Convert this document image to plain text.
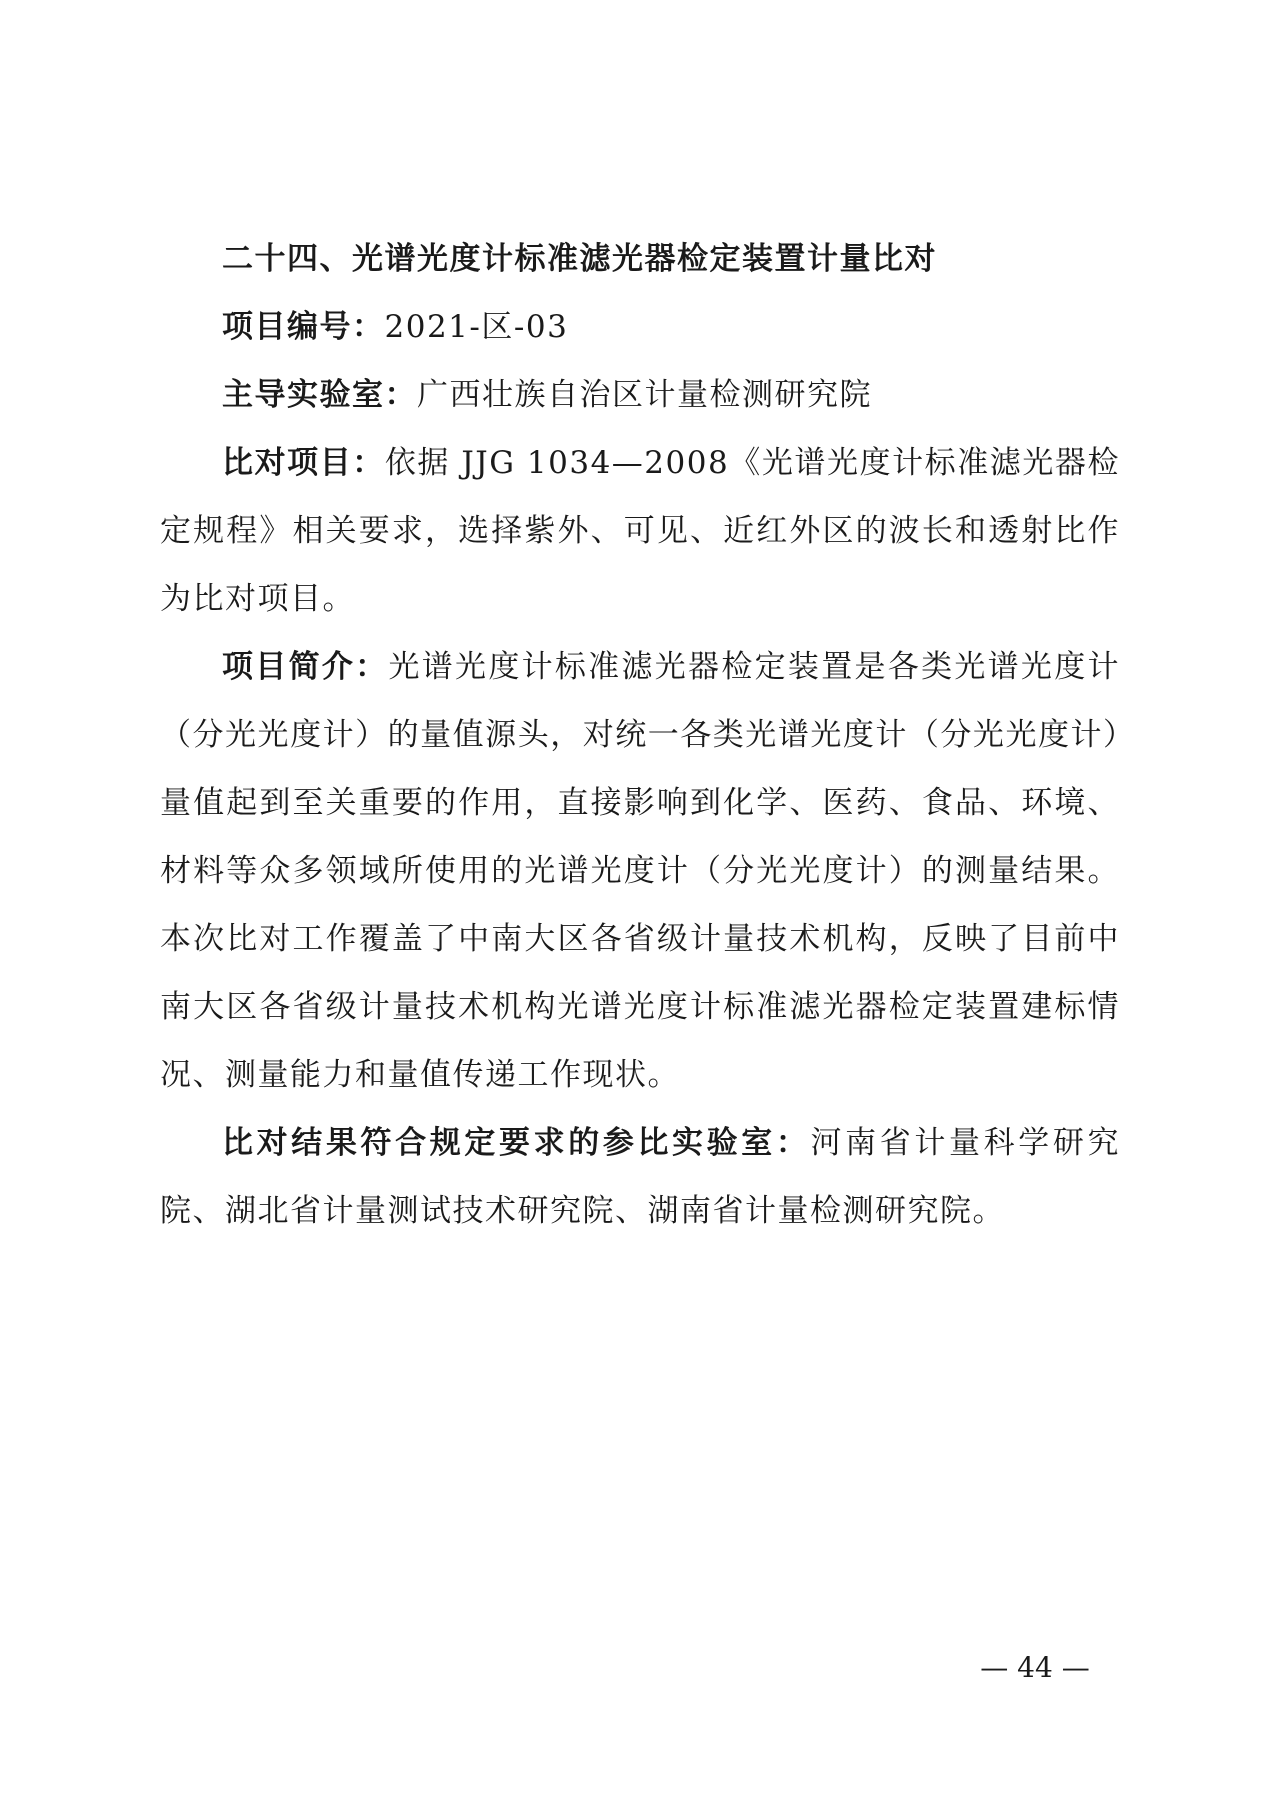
二十四、光谱光度计标准滤光器检定装置计量比对

项目编号：2021-区-03

主导实验室：广西壮族自治区计量检测研究院

比对项目：依据 JJG 1034—2008《光谱光度计标准滤光器检定规程》相关要求，选择紫外、可见、近红外区的波长和透射比作为比对项目。

项目简介：光谱光度计标准滤光器检定装置是各类光谱光度计（分光光度计）的量值源头，对统一各类光谱光度计（分光光度计）量值起到至关重要的作用，直接影响到化学、医药、食品、环境、材料等众多领域所使用的光谱光度计（分光光度计）的测量结果。本次比对工作覆盖了中南大区各省级计量技术机构，反映了目前中南大区各省级计量技术机构光谱光度计标准滤光器检定装置建标情况、测量能力和量值传递工作现状。

比对结果符合规定要求的参比实验室：河南省计量科学研究院、湖北省计量测试技术研究院、湖南省计量检测研究院。

— 44 —
